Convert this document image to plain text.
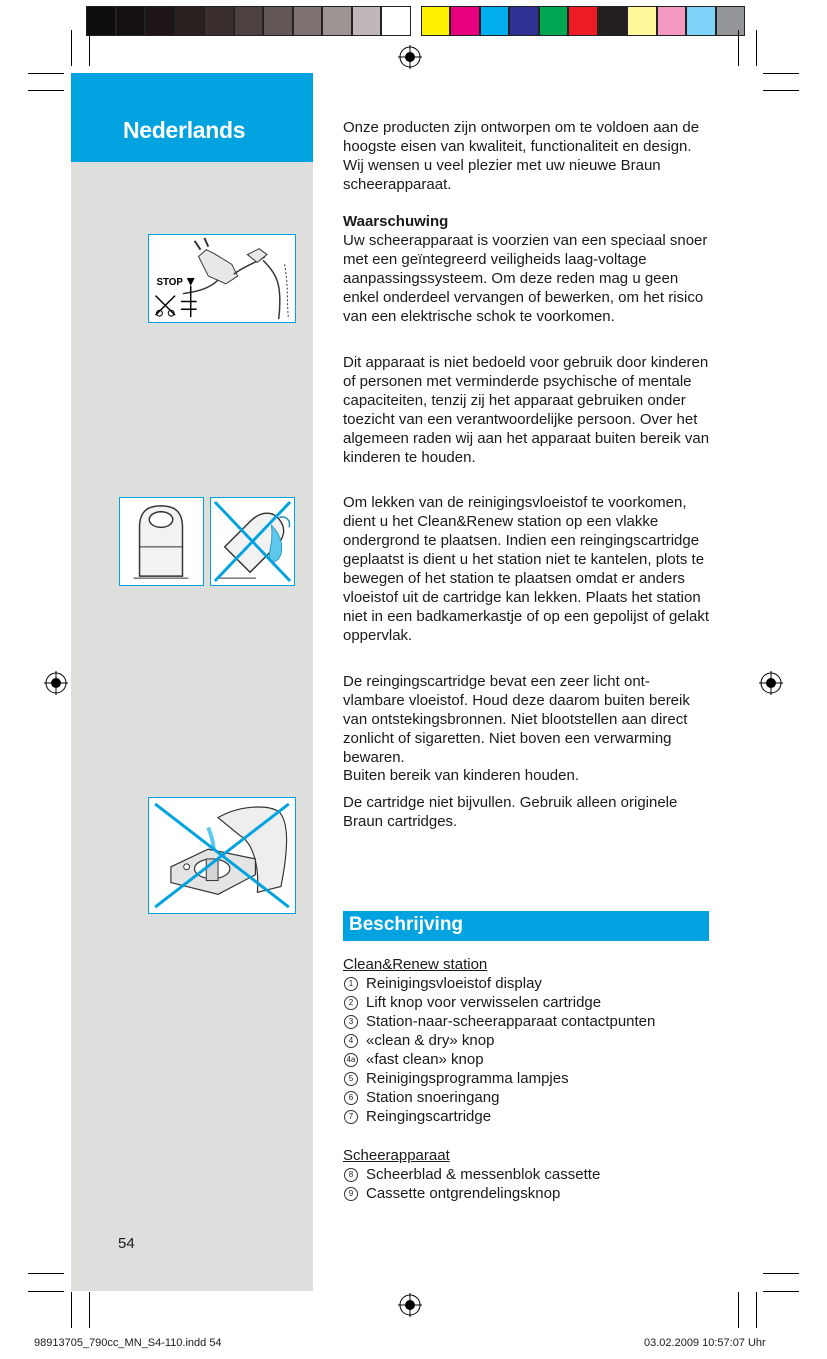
Nederlands
STOP

Onze producten zijn ontworpen om te voldoen aan de hoogste eisen van kwaliteit, functionaliteit en design. Wij wensen u veel plezier met uw nieuwe Braun scheerapparaat.

Waarschuwing

Uw scheerapparaat is voorzien van een speciaal snoer met een geïntegreerd veiligheids laag-voltage aanpassingssysteem. Om deze reden mag u geen enkel onderdeel vervangen of bewerken, om het risico van een elektrische schok te voorkomen.

Dit apparaat is niet bedoeld voor gebruik door kinderen of personen met verminderde psychische of mentale capaciteiten, tenzij zij het apparaat gebruiken onder toezicht van een verantwoordelijke persoon. Over het algemeen raden wij aan het apparaat buiten bereik van kinderen te houden.

Om lekken van de reinigingsvloeistof te voorkomen, dient u het Clean&Renew station op een vlakke ondergrond te plaatsen. Indien een reingingscartridge geplaatst is dient u het station niet te kantelen, plots te bewegen of het station te plaatsen omdat er anders vloeistof uit de cartridge kan lekken. Plaats het station niet in een badkamerkastje of op een gepolijst of gelakt oppervlak.

De reingingscartridge bevat een zeer licht ont-vlambare vloeistof. Houd deze daarom buiten bereik van ontstekingsbronnen. Niet blootstellen aan direct zonlicht of sigaretten. Niet boven een verwarming bewaren.

Buiten bereik van kinderen houden.

De cartridge niet bijvullen. Gebruik alleen originele Braun cartridges.

Beschrijving
Clean&Renew station
1 Reinigingsvloeistof display
2 Lift knop voor verwisselen cartridge
3 Station-naar-scheerapparaat contactpunten
4 «clean & dry» knop
4a «fast clean» knop
5 Reinigingsprogramma lampjes
6 Station snoeringang
7 Reingingscartridge
Scheerapparaat
8 Scheerblad & messenblok cassette
9 Cassette ontgrendelingsknop
54
98913705_790cc_MN_S4-110.indd 54	03.02.2009 10:57:07 Uhr
